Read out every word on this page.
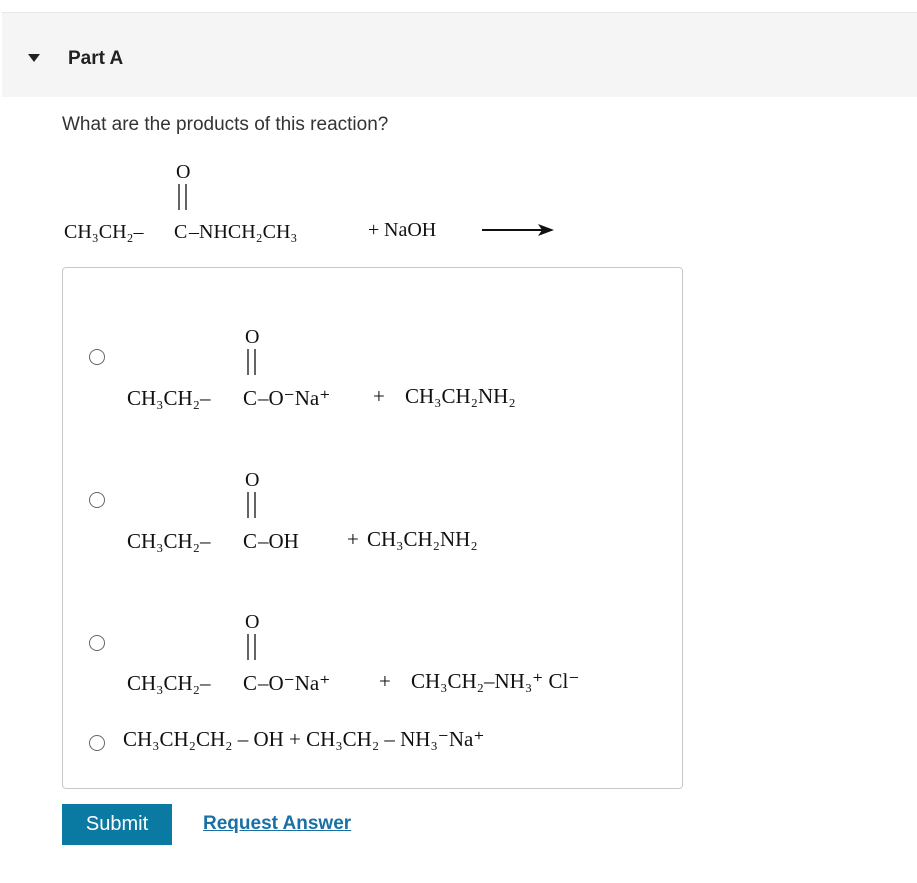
Part A
What are the products of this reaction?
O
CH₃CH₂– C –NHCH₂CH₃	+ NaOH
O
CH₃CH₂– C –O⁻Na⁺ + CH₃CH₂NH₂
O
CH₃CH₂– C –OH + CH₃CH₂NH₂
O
CH₃CH₂– C –O⁻Na⁺ + CH₃CH₂–NH₃⁺ Cl⁻
CH₃CH₂CH₂ – OH + CH₃CH₂ – NH₃⁻Na⁺
Submit	Request Answer
